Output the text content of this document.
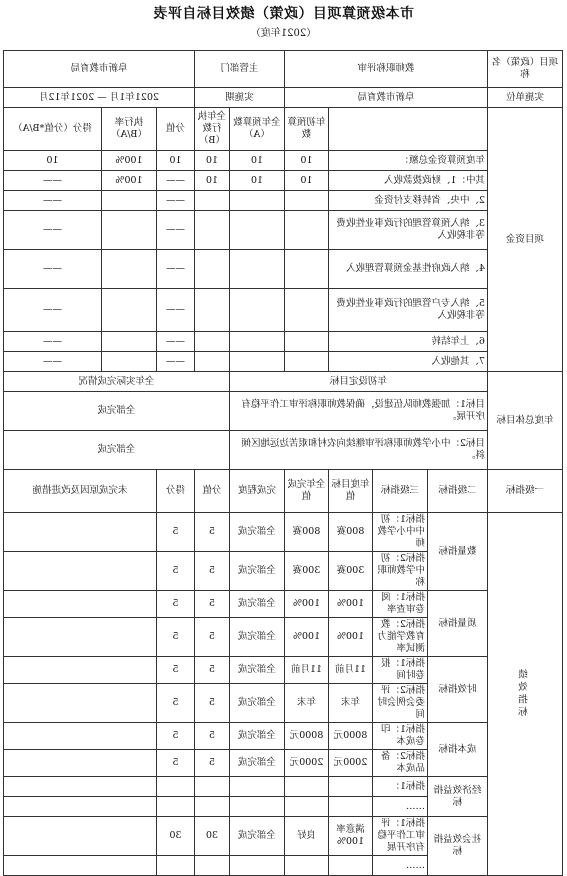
市本级预算项目（政策）绩效目标自评表
（2021年度）
项目（政策）名称	教师职称评审				主管部门		阜新市教育局		
实施单位	阜新市教育局				实施期		2021年1月 — 2021年12月		
项目资金				年初预算数	全年预算数（A）	全年执行数（B）	分值	执行率（B/A）	得分（分值*B/A）
	年度预算资金总额：			10	10	10	10	100%	10
	其中：1、财政拨款收入			10	10	10	——	100%	——
	2、中央、省转移支付资金						——		——
	3、纳入预算管理的行政事业性收费等非税收入						——		——
	4、纳入政府性基金预算管理收入						——		——
	5、纳入专户管理的行政事业性收费等非税收入						——		——
	6、上年结转						——		——
	7、其他收入						——		——
年度总体目标	年初设定目标					全年实际完成情况			
	目标1：加强教师队伍建设，确保教师职称评审工作平稳有序开展。					全部完成			
	目标2：中小学教师职称评审继续向农村和艰苦边远地区倾斜。					全部完成			
一级指标	二级指标	三级指标	年度目标值	全年完成值	完成程度	分值	得分	未完成原因及改进措施	
绩效指标	数量指标	指标1：初中中小学教师	800赛	800赛	全部完成	5	5		
		指标2：初中学教师职称	300赛	300赛	全部完成	5	5		
	质量指标	指标1：阅卷审查率	100%	100%	全部完成	5	5		
		指标2：教育教学能力测试率	100%	100%	全部完成	5	5		
	时效指标	指标1：报卷时间	11月前	11月前	全部完成	5	5		
		指标2：评委会例会时间	年末	年末	全部完成	5	5		
	成本指标	指标1：印卷成本	8000元	8000元	全部完成	5	5		
		指标2：备品成本	2000元	2000元	全部完成	5	5		
	经济效益指标	指标1：							
		……							
	社会效益指标	指标1：评审工作平稳有序开展	满意率100%	良好	全部完成	30	30		
		……							
